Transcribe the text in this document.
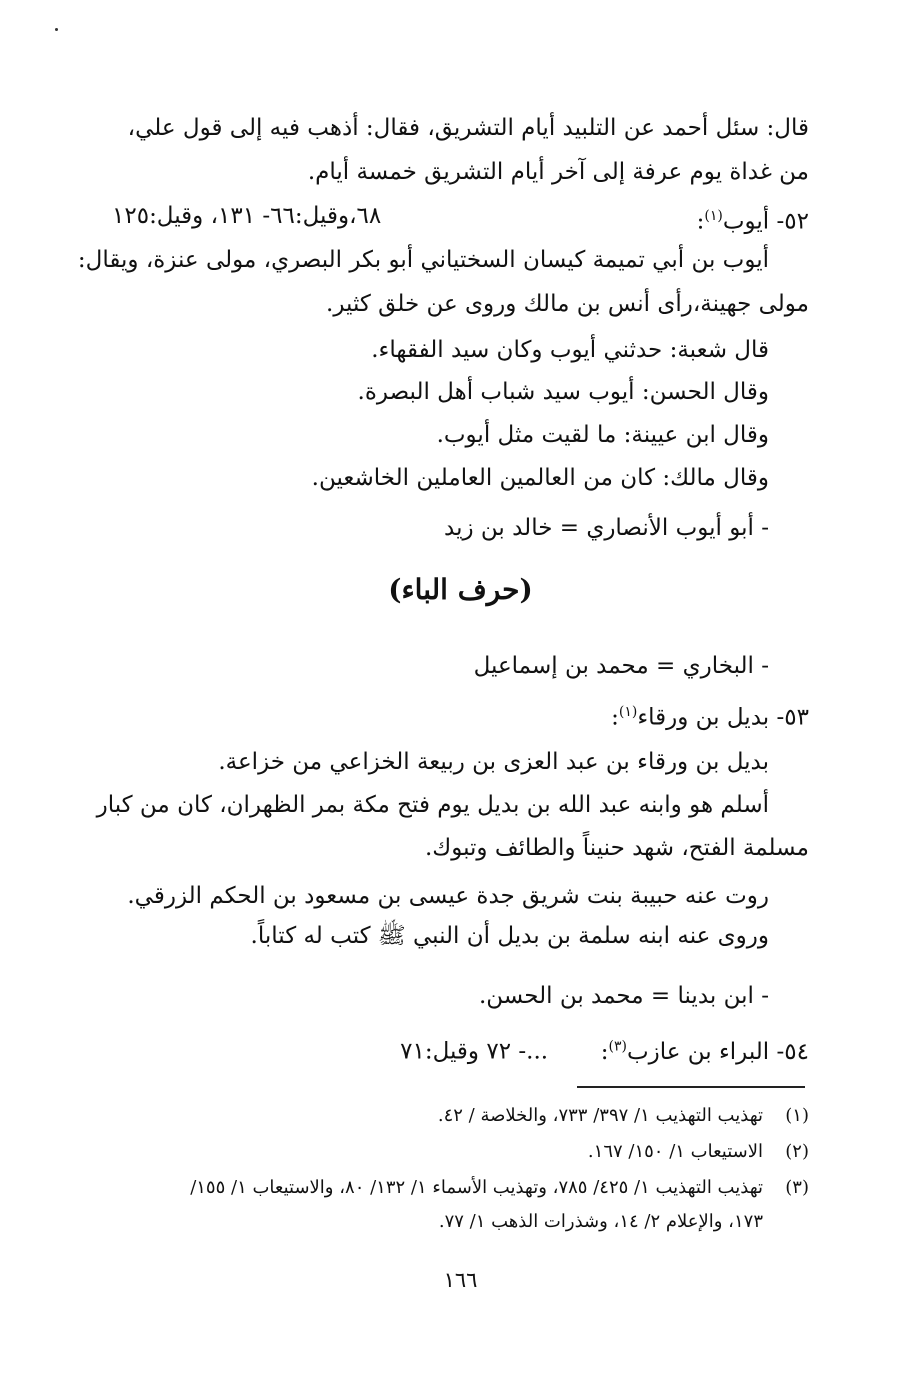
قال: سئل أحمد عن التلبيد أيام التشريق، فقال: أذهب فيه إلى قول علي،
من غداة يوم عرفة إلى آخر أيام التشريق خمسة أيام.
٥٢- أيوب$^{(١)}$:
٦٨،وقيل:٦٦- ١٣١، وقيل:١٢٥
أيوب بن أبي تميمة كيسان السختياني أبو بكر البصري، مولى عنزة، ويقال:
مولى جهينة،رأى أنس بن مالك وروى عن خلق كثير.
قال شعبة: حدثني أيوب وكان سيد الفقهاء.
وقال الحسن: أيوب سيد شباب أهل البصرة.
وقال ابن عيينة: ما لقيت مثل أيوب.
وقال مالك: كان من العالمين العاملين الخاشعين.
- أبو أيوب الأنصاري = خالد بن زيد
(حرف الباء)
- البخاري = محمد بن إسماعيل
٥٣- بديل بن ورقاء$^{(١)}$:
بديل بن ورقاء بن عبد العزى بن ربيعة الخزاعي من خزاعة.
أسلم هو وابنه عبد الله بن بديل يوم فتح مكة بمر الظهران، كان من كبار
مسلمة الفتح، شهد حنيناً والطائف وتبوك.
روت عنه حبيبة بنت شريق جدة عيسى بن مسعود بن الحكم الزرقي.
وروى عنه ابنه سلمة بن بديل أن النبي ﷺ كتب له كتاباً.
- ابن بدينا = محمد بن الحسن.
٥٤- البراء بن عازب$^{(٣)}$:  ...- ٧٢ وقيل:٧١
(١)
تهذيب التهذيب ١/ ٣٩٧/ ٧٣٣، والخلاصة / ٤٢.
(٢)
الاستيعاب ١/ ١٥٠/ ١٦٧.
(٣)
تهذيب التهذيب ١/ ٤٢٥/ ٧٨٥، وتهذيب الأسماء ١/ ١٣٢/ ٨٠، والاستيعاب ١/ ١٥٥/
١٧٣، والإعلام ٢/ ١٤، وشذرات الذهب ١/ ٧٧.
١٦٦
